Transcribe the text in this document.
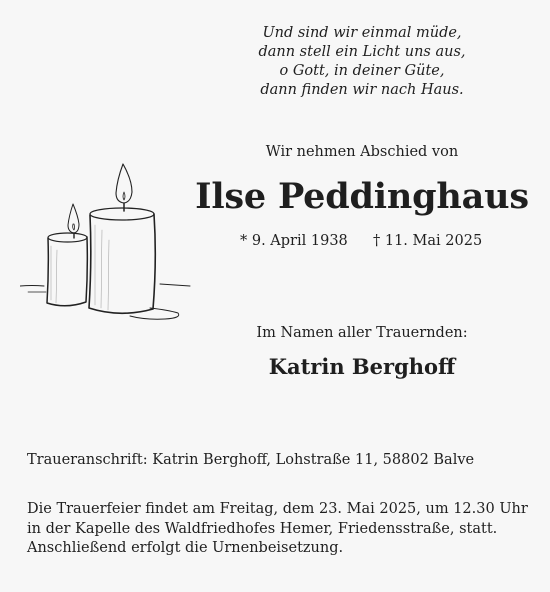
Und sind wir einmal müde,
dann stell ein Licht uns aus,
o Gott, in deiner Güte,
dann finden wir nach Haus.
Wir nehmen Abschied von
Ilse Peddinghaus
* 9. April 1938 † 11. Mai 2025
Im Namen aller Trauernden:
Katrin Berghoff
Traueranschrift: Katrin Berghoff, Lohstraße 11, 58802 Balve
Die Trauerfeier findet am Freitag, dem 23. Mai 2025, um 12.30 Uhr
in der Kapelle des Waldfriedhofes Hemer, Friedensstraße, statt.
Anschließend erfolgt die Urnenbeisetzung.
